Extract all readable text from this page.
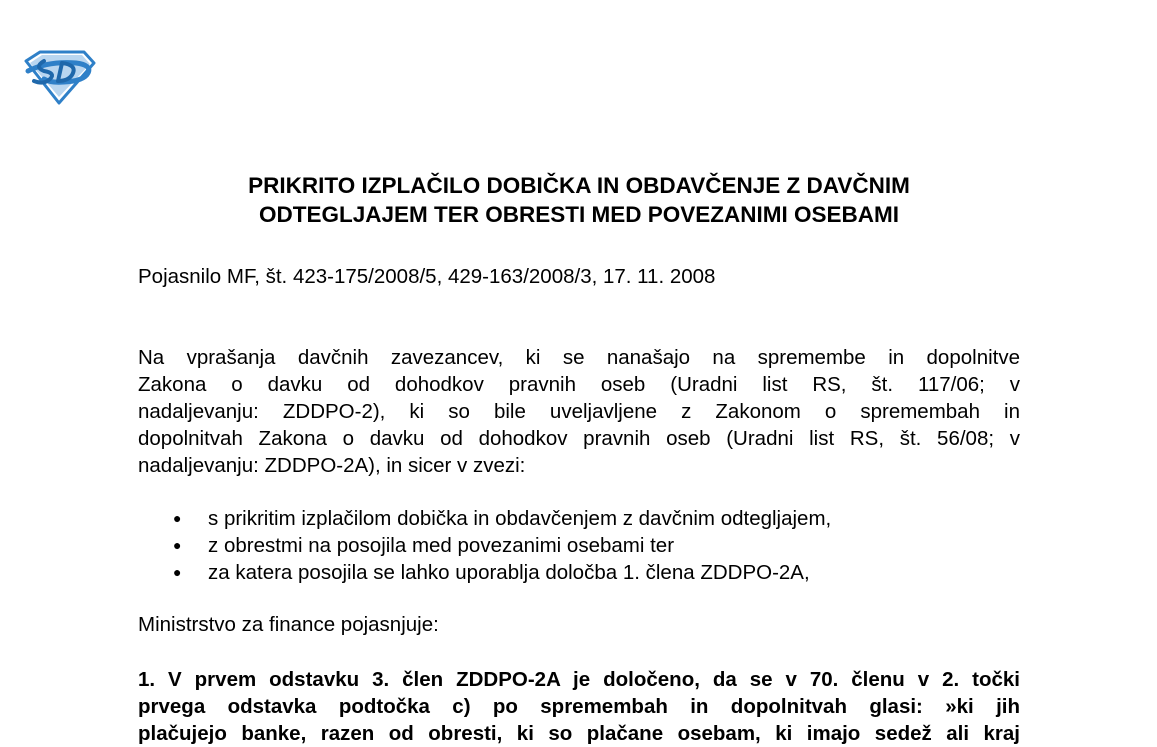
PRIKRITO IZPLAČILO DOBIČKA IN OBDAVČENJE Z DAVČNIM
ODTEGLJAJEM TER OBRESTI MED POVEZANIMI OSEBAMI

Pojasnilo MF, št. 423-175/2008/5, 429-163/2008/3, 17. 11. 2008

Na vprašanja davčnih zavezancev, ki se nanašajo na spremembe in dopolnitve
Zakona o davku od dohodkov pravnih oseb (Uradni list RS, št. 117/06; v
nadaljevanju: ZDDPO-2), ki so bile uveljavljene z Zakonom o spremembah in
dopolnitvah Zakona o davku od dohodkov pravnih oseb (Uradni list RS, št. 56/08; v
nadaljevanju: ZDDPO-2A), in sicer v zvezi:

● s prikritim izplačilom dobička in obdavčenjem z davčnim odtegljajem,
● z obrestmi na posojila med povezanimi osebami ter
● za katera posojila se lahko uporablja določba 1. člena ZDDPO-2A,

Ministrstvo za finance pojasnjuje:

1. V prvem odstavku 3. člen ZDDPO-2A je določeno, da se v 70. členu v 2. točki
prvega odstavka podtočka c) po spremembah in dopolnitvah glasi: »ki jih
plačujejo banke, razen od obresti, ki so plačane osebam, ki imajo sedež ali kraj
